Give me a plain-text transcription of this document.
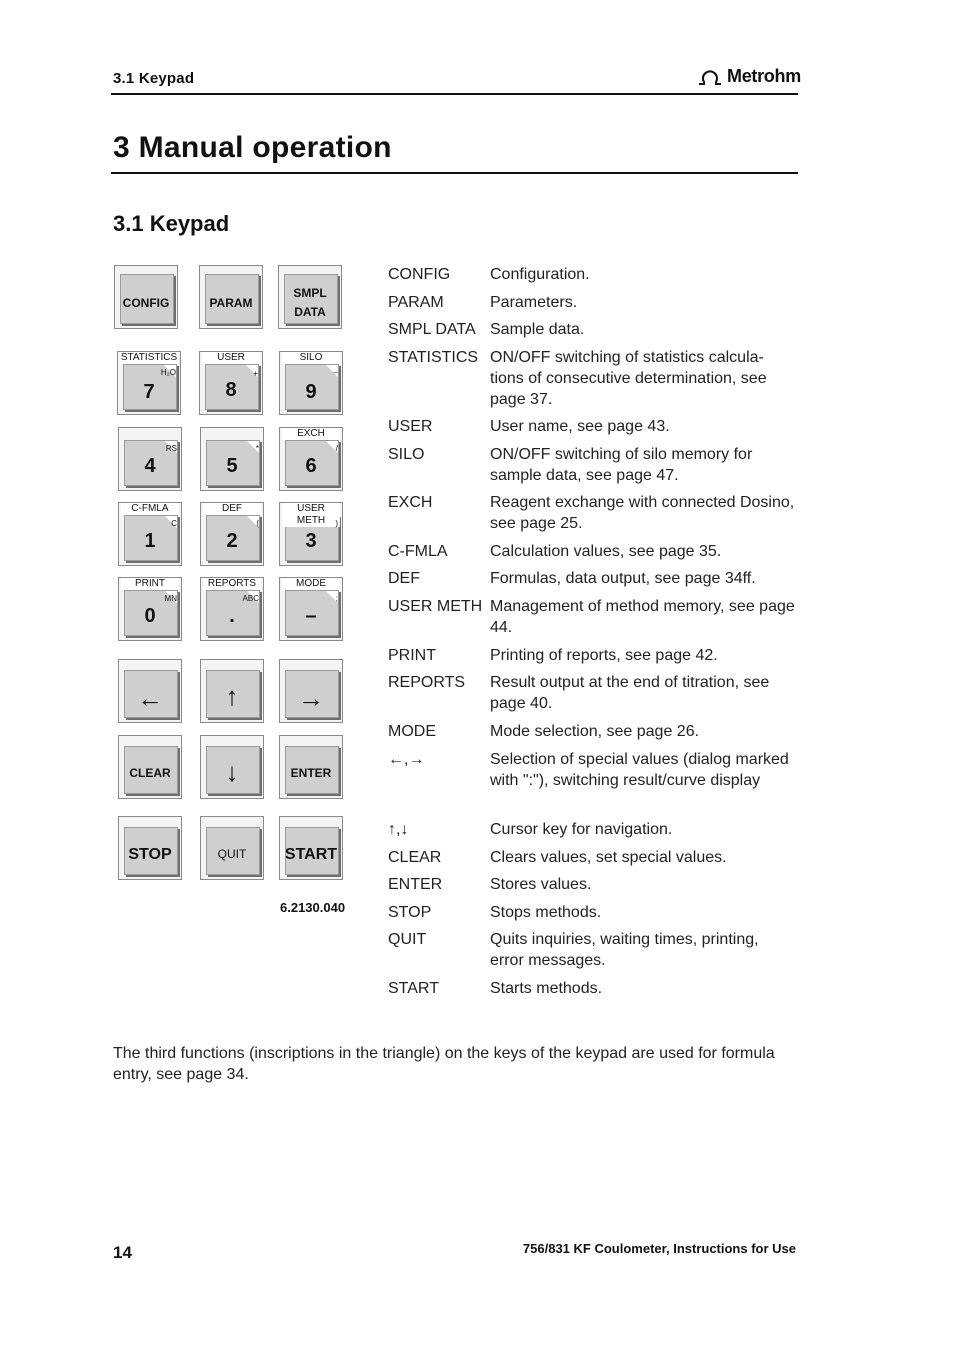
3.1 Keypad	Metrohm
3 Manual operation
3.1 Keypad
CONFIG	PARAM
SMPL
DATA
STATISTICS
H₂O
7
USER
+
8
SILO
–
9
RS
4
*
5
EXCH
/
6
C-FMLA
C
1
DEF
(
2
USER METH	)
3
PRINT
MN
0
REPORTS
ABC
.
MODE
;
–
←	↑	→
CLEAR	↓	ENTER
STOP	QUIT	START
6.2130.040
CONFIG	Configuration.
PARAM	Parameters.
SMPL DATA Sample data.
STATISTICS ON/OFF switching of statistics calcula-tions of consecutive determination, see page 37.
USER	User name, see page 43.
SILO	ON/OFF switching of silo memory for sample data, see page 47.
EXCH	Reagent exchange with connected Dosino, see page 25.
C-FMLA	Calculation values, see page 35.
DEF	Formulas, data output, see page 34ff.
USER METH Management of method memory, see page 44.
PRINT	Printing of reports, see page 42.
REPORTS	Result output at the end of titration, see page 40.
MODE	Mode selection, see page 26.
←,→	Selection of special values (dialog marked with ":"), switching result/curve display
↑,↓	Cursor key for navigation.
CLEAR	Clears values, set special values.
ENTER	Stores values.
STOP	Stops methods.
QUIT	Quits inquiries, waiting times, printing, error messages.
START	Starts methods.
The third functions (inscriptions in the triangle) on the keys of the keypad are used for formula entry, see page 34.
14	756/831 KF Coulometer, Instructions for Use
